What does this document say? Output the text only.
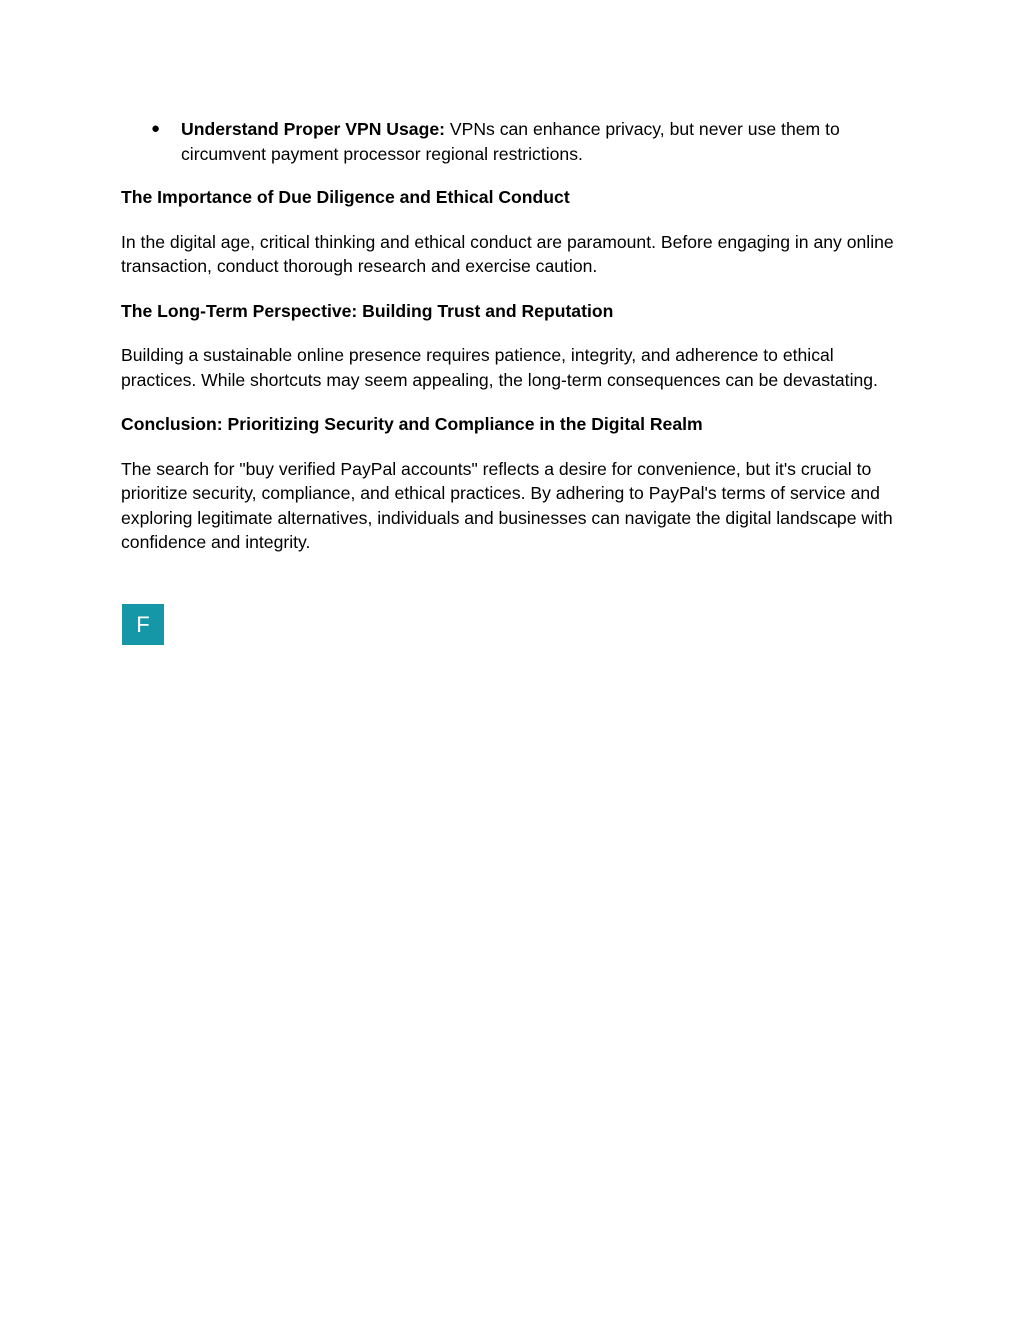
● Understand Proper VPN Usage: VPNs can enhance privacy, but never use them to circumvent payment processor regional restrictions.
The Importance of Due Diligence and Ethical Conduct
In the digital age, critical thinking and ethical conduct are paramount. Before engaging in any online transaction, conduct thorough research and exercise caution.
The Long-Term Perspective: Building Trust and Reputation
Building a sustainable online presence requires patience, integrity, and adherence to ethical practices. While shortcuts may seem appealing, the long-term consequences can be devastating.
Conclusion: Prioritizing Security and Compliance in the Digital Realm
The search for "buy verified PayPal accounts" reflects a desire for convenience, but it's crucial to prioritize security, compliance, and ethical practices. By adhering to PayPal's terms of service and exploring legitimate alternatives, individuals and businesses can navigate the digital landscape with confidence and integrity.
F
